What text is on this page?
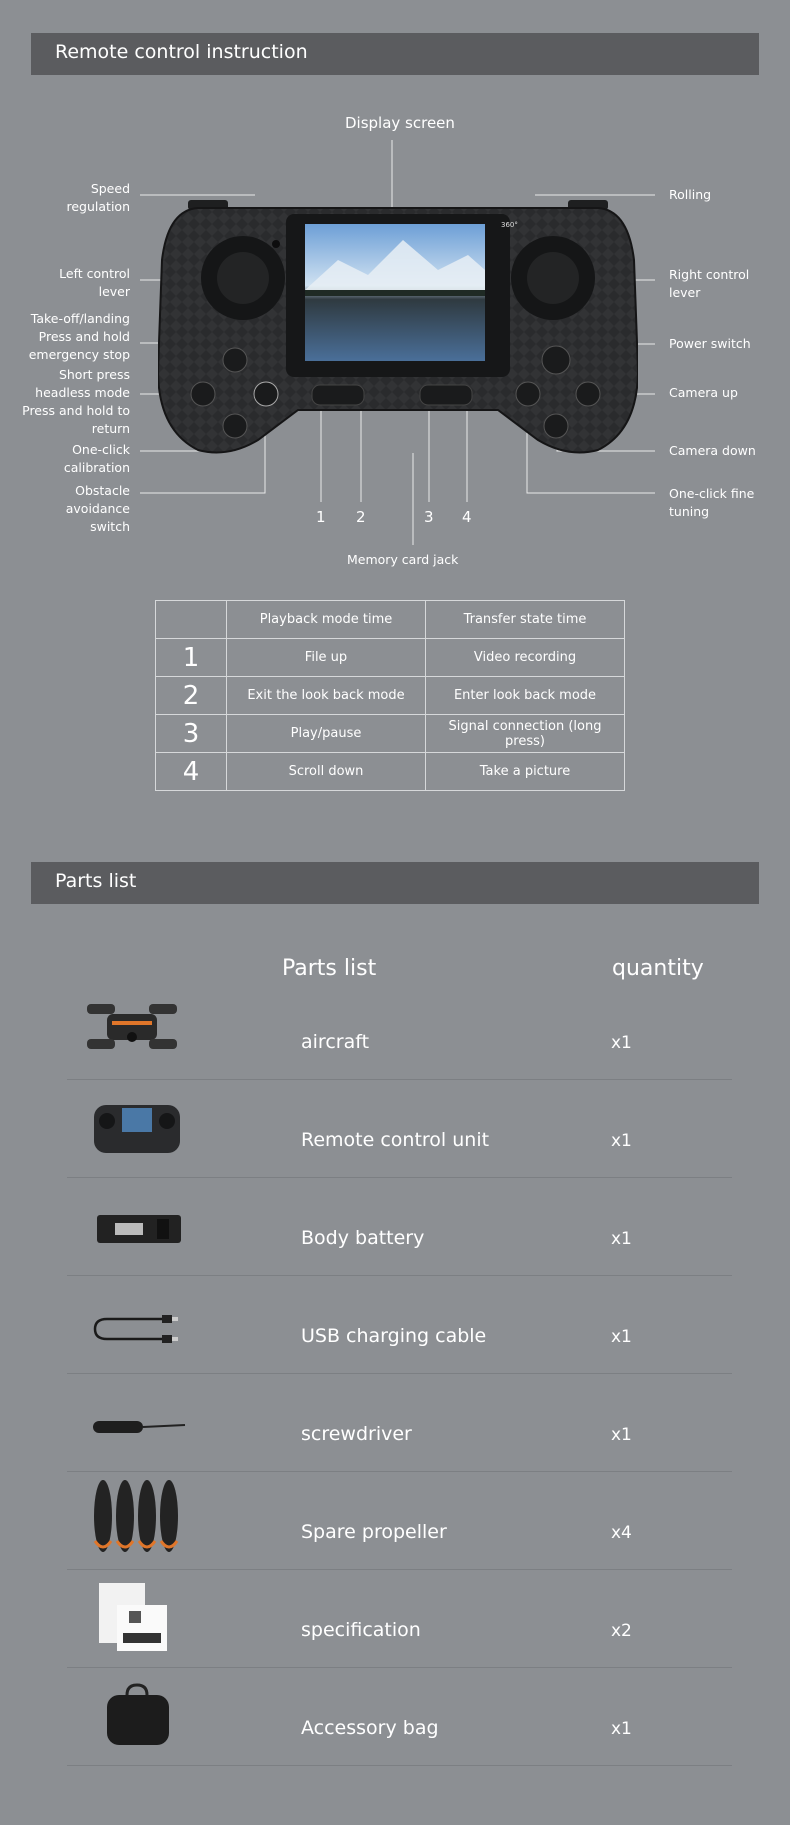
Remote control instruction
360°
Display screen
Speed regulation
Left control lever
Take-off/landing Press and hold emergency stop
Short press headless mode Press and hold to return
One-click calibration
Obstacle avoidance switch
Rolling
Right control lever
Power switch
Camera up
Camera down
One-click fine tuning
1 2	3 4
Memory card jack
	Playback mode time	Transfer state time
1	File up	Video recording
2	Exit the look back mode	Enter look back mode
3	Play/pause	Signal connection (long press)
4	Scroll down	Take a picture
Parts list
Parts list	quantity
aircraft	x1
Remote control unit	x1
Body battery	x1
USB charging cable	x1
screwdriver	x1
Spare propeller	x4
specification	x2
Accessory bag	x1
